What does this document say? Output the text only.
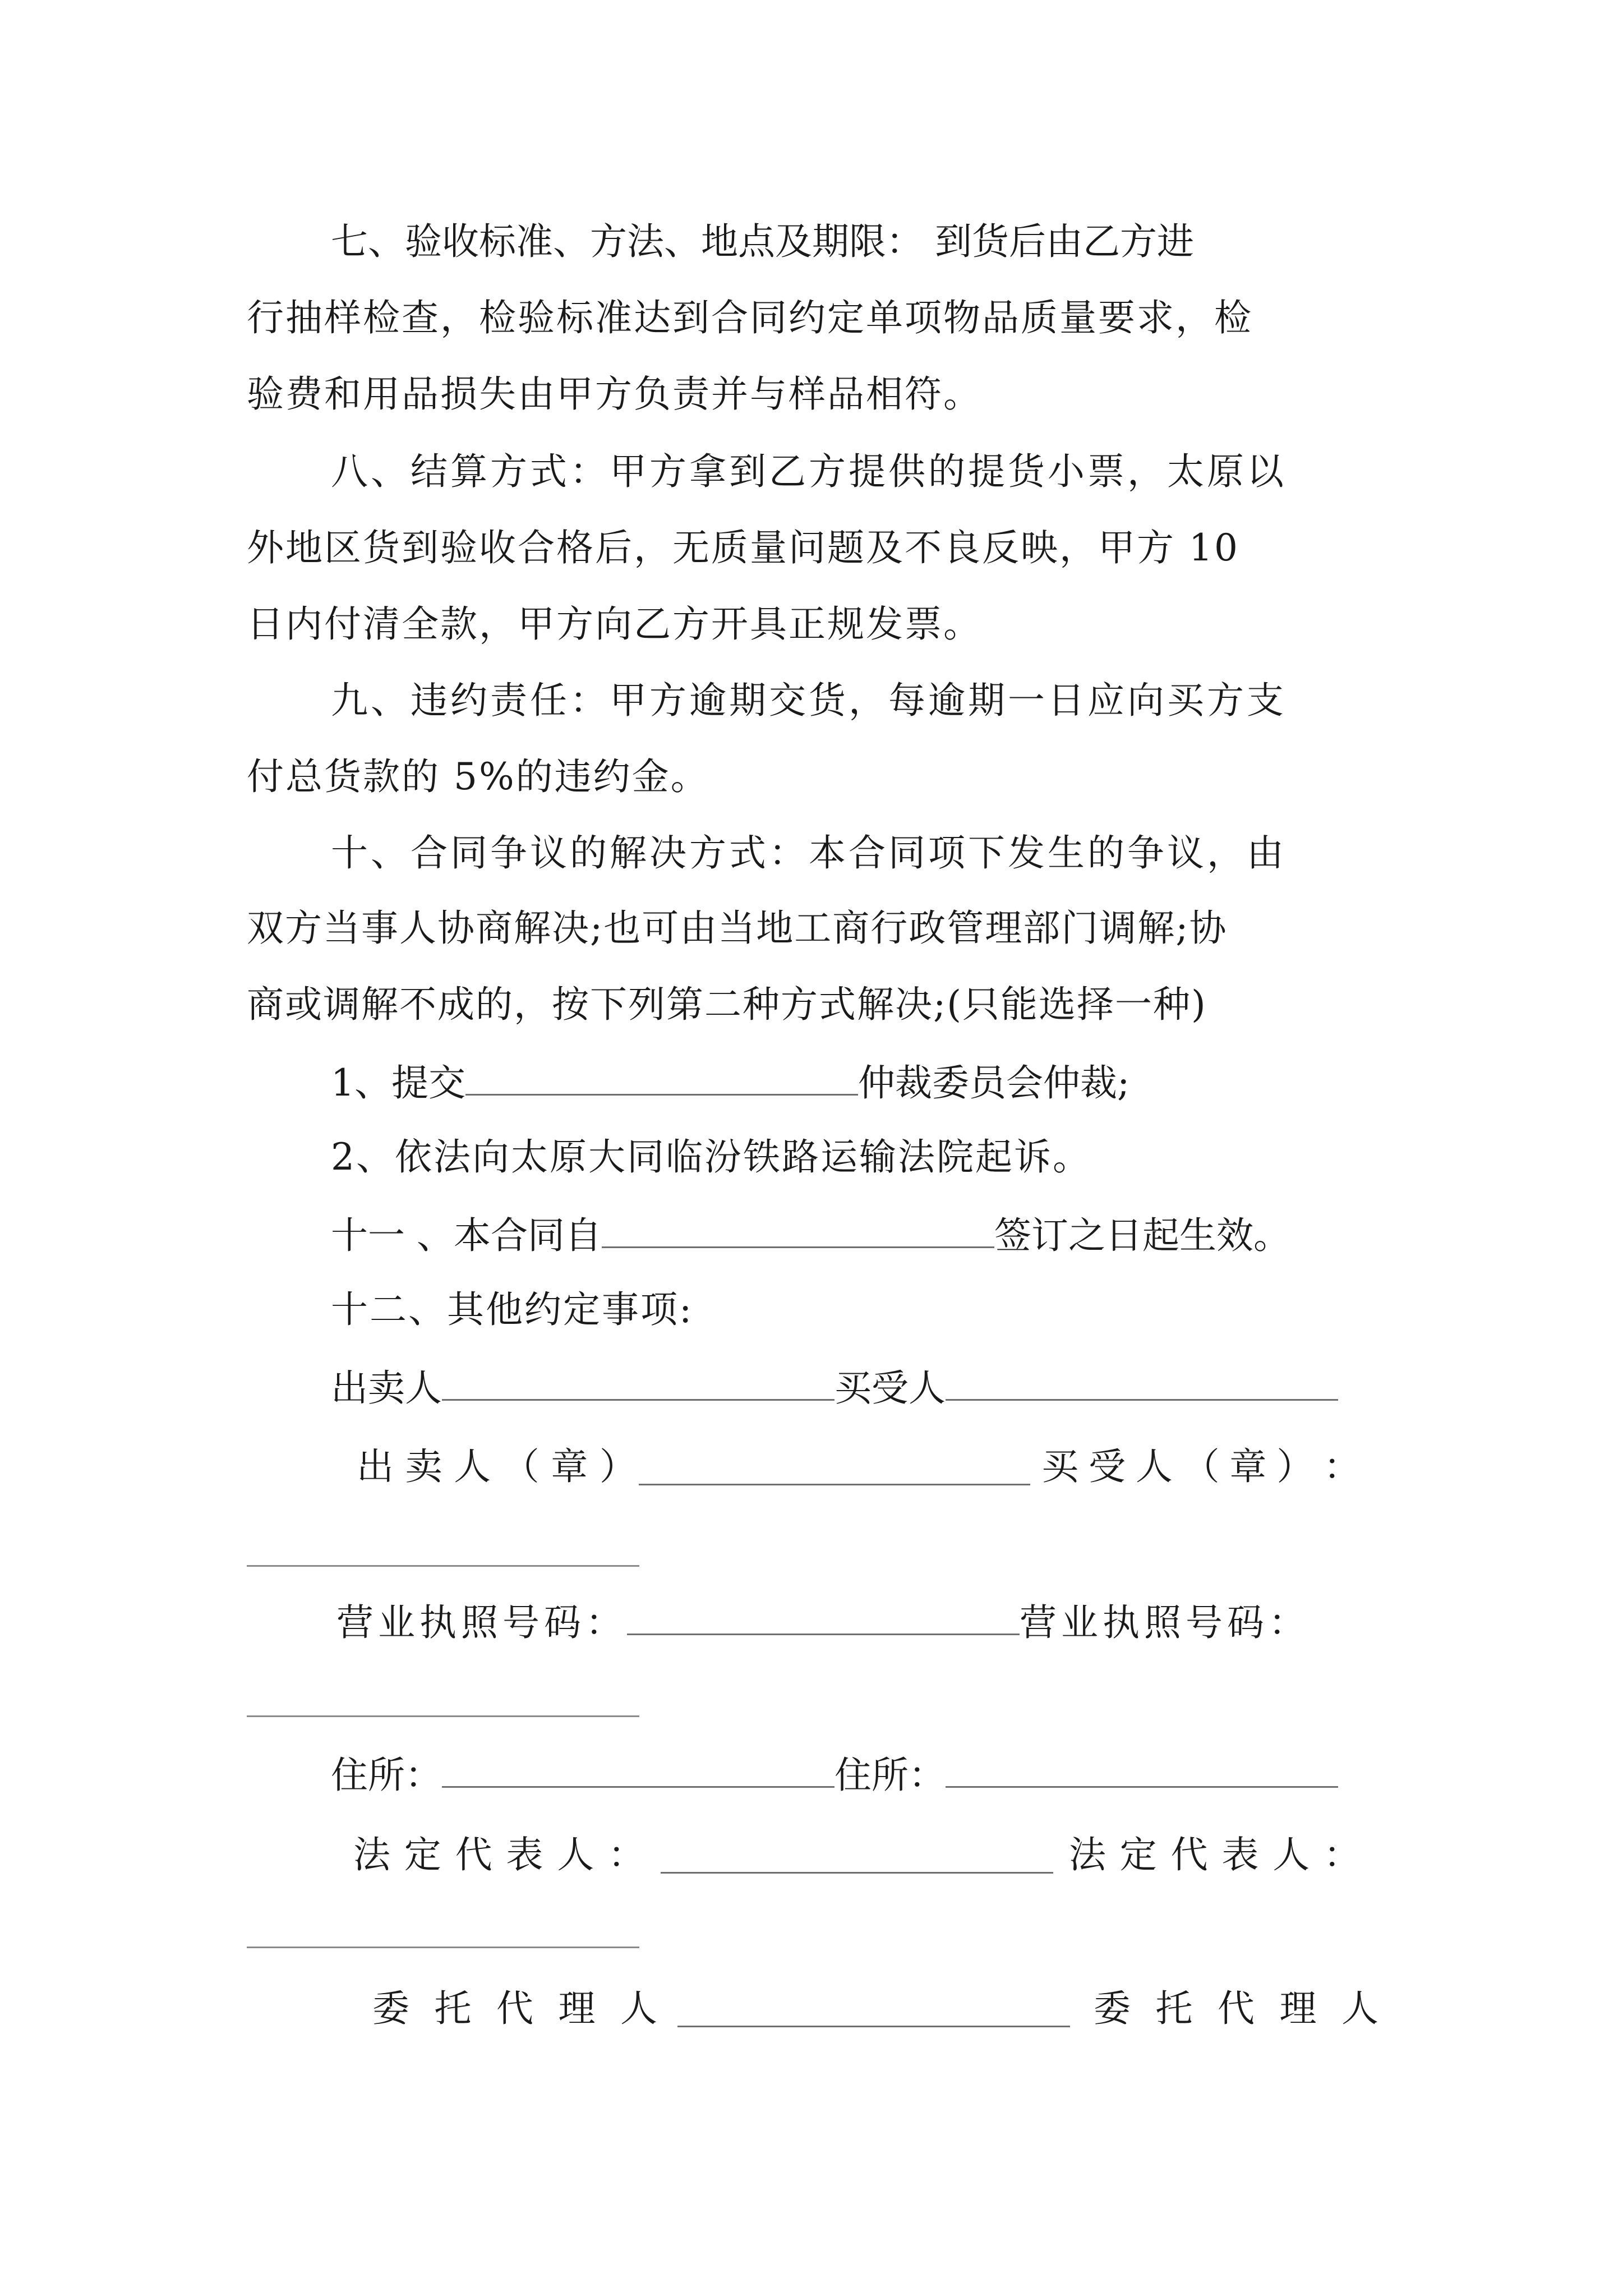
七、验收标准、方法、地点及期限： 到货后由乙方进
行抽样检查，检验标准达到合同约定单项物品质量要求，检
验费和用品损失由甲方负责并与样品相符。
八、结算方式：甲方拿到乙方提供的提货小票，太原以
外地区货到验收合格后，无质量问题及不良反映，甲方 10
日内付清全款，甲方向乙方开具正规发票。
九、违约责任：甲方逾期交货，每逾期一日应向买方支
付总货款的 5%的违约金。
十、合同争议的解决方式：本合同项下发生的争议，由
双方当事人协商解决;也可由当地工商行政管理部门调解;协
商或调解不成的，按下列第二种方式解决;(只能选择一种)
1、提交	仲裁委员会仲裁;
2、依法向太原大同临汾铁路运输法院起诉。
十一 、本合同自	签订之日起生效。
十二、其他约定事项:
出卖人	买受人
出 卖 人 （ 章 ）	买 受 人 （ 章 ） ：
营业执照号码：	营业执照号码：
住所：	住所：
法 定 代 表 人 ：	法 定 代 表 人 ：
委 托 代 理 人	委 托 代 理 人
